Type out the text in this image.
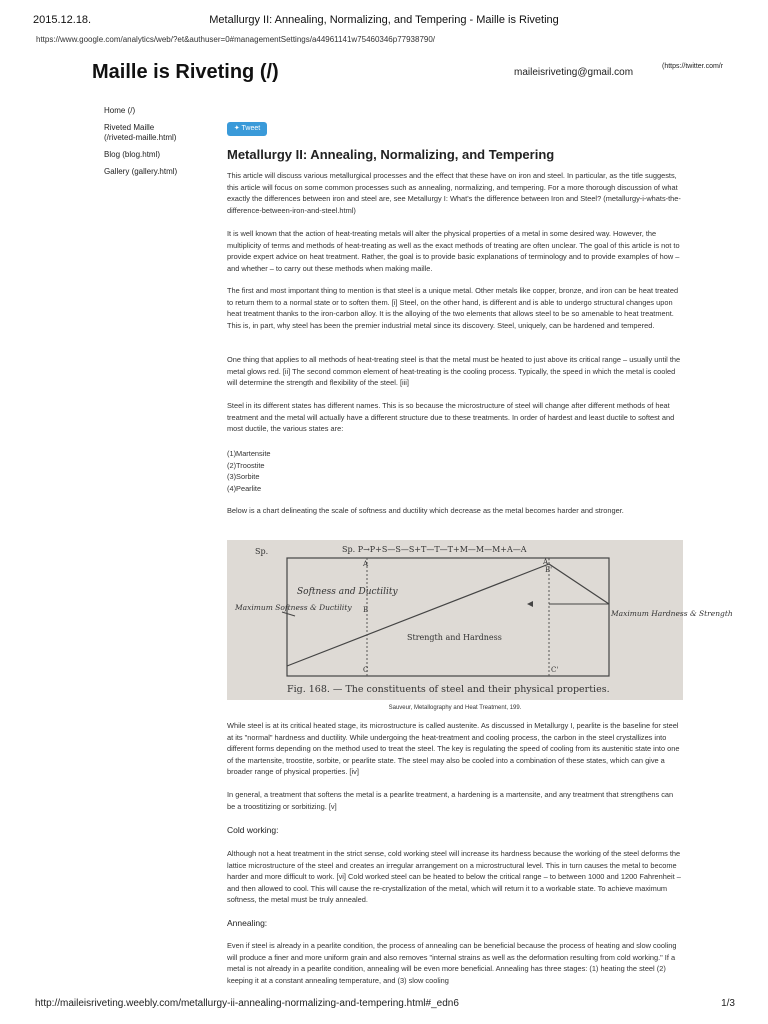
2015.12.18.	Metallurgy II: Annealing, Normalizing, and Tempering - Maille is Riveting
https://www.google.com/analytics/web/?et&authuser=0#managementSettings/a44961141w75460346p77938790/
Maille is Riveting (/)	maileisriveting@gmail.com
(https://twitter.com/r
Home (/)
Riveted Maille (/riveted-maille.html)
Blog (blog.html)
Gallery (gallery.html)
✦ Tweet
Metallurgy II: Annealing, Normalizing, and Tempering

This article will discuss various metallurgical processes and the effect that these have on iron and steel. In particular, as the title suggests, this article will focus on some common processes such as annealing, normalizing, and tempering. For a more thorough discussion of what exactly the differences between iron and steel are, see Metallurgy I: What's the difference between Iron and Steel? (metallurgy-i-whats-the-difference-between-iron-and-steel.html)

It is well known that the action of heat-treating metals will alter the physical properties of a metal in some desired way. However, the multiplicity of terms and methods of heat-treating as well as the exact methods of treating are often unclear. The goal of this article is not to provide expert advice on heat treatment. Rather, the goal is to provide basic explanations of terminology and to provide examples of how – and whether – to carry out these methods when making maille.

The first and most important thing to mention is that steel is a unique metal. Other metals like copper, bronze, and iron can be heat treated to return them to a normal state or to soften them. [i] Steel, on the other hand, is different and is able to undergo structural changes upon heat treatment thanks to the iron-carbon alloy. It is the alloying of the two elements that allows steel to be so amenable to heat treatment. This is, in part, why steel has been the premier industrial metal since its discovery. Steel, uniquely, can be hardened and tempered.

One thing that applies to all methods of heat-treating steel is that the metal must be heated to just above its critical range – usually until the metal glows red. [ii] The second common element of heat-treating is the cooling process. Typically, the speed in which the metal is cooled will determine the strength and flexibility of the steel. [iii]

Steel in its different states has different names. This is so because the microstructure of steel will change after different methods of heat treatment and the metal will actually have a different structure due to these treatments. In order of hardest and least ductile to softest and most ductile, the various states are:

(1)Martensite
(2)Troostite
(3)Sorbite
(4)Pearlite

Below is a chart delineating the scale of softness and ductility which decrease as the metal becomes harder and stronger.

Sp.	Sp. P→P+S—S—S+T—T—T+M—M—M+A—A
Softness and Ductility
Strength and Hardness
Maximum Softness & Ductility
Maximum Hardness & Strength
A	A'
B
B'
C	C'
Fig. 168. — The constituents of steel and their physical properties.
Sauveur, Metallography and Heat Treatment, 199.

While steel is at its critical heated stage, its microstructure is called austenite. As discussed in Metallurgy I, pearlite is the baseline for steel at its "normal" hardness and ductility. While undergoing the heat-treatment and cooling process, the carbon in the steel crystallizes into different forms depending on the method used to treat the steel. The key is regulating the speed of cooling from its austenitic state into one of the martensite, troostite, sorbite, or pearlite state. The steel may also be cooled into a combination of these states, which can give a broader range of physical properties. [iv]

In general, a treatment that softens the metal is a pearlite treatment, a hardening is a martensite, and any treatment that strengthens can be a troostitizing or sorbitizing. [v]

Cold working:

Although not a heat treatment in the strict sense, cold working steel will increase its hardness because the working of the steel deforms the lattice microstructure of the steel and creates an irregular arrangement on a microstructural level. This in turn causes the metal to become harder and more difficult to work. [vi] Cold worked steel can be heated to below the critical range – to between 1000 and 1200 Fahrenheit – and then allowed to cool. This will cause the re-crystallization of the metal, which will return it to a workable state. To achieve maximum softness, the metal must be truly annealed.

Annealing:

Even if steel is already in a pearlite condition, the process of annealing can be beneficial because the process of heating and slow cooling will produce a finer and more uniform grain and also removes "internal strains as well as the deformation resulting from cold working." If a metal is not already in a pearlite condition, annealing will be even more beneficial. Annealing has three stages: (1) heating the steel (2) keeping it at a constant annealing temperature, and (3) slow cooling

http://maileisriveting.weebly.com/metallurgy-ii-annealing-normalizing-and-tempering.html#_edn6	1/3
